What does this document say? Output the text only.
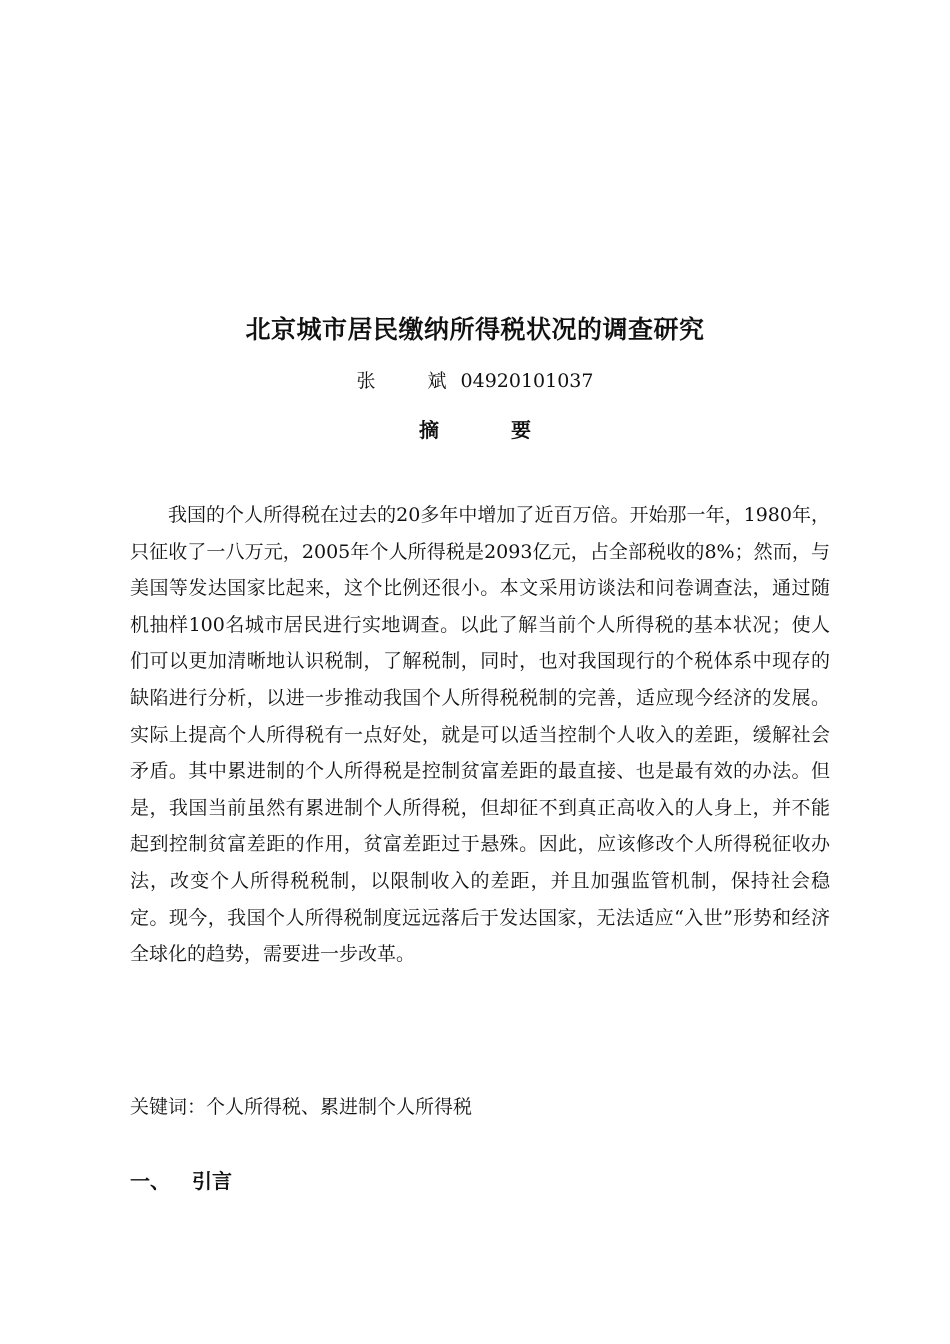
北京城市居民缴纳所得税状况的调查研究
张	斌 04920101037
摘	要

我国的个人所得税在过去的20多年中增加了近百万倍。开始那一年，1980年，只征收了一八万元，2005年个人所得税是2093亿元，占全部税收的8%；然而，与美国等发达国家比起来，这个比例还很小。本文采用访谈法和问卷调查法，通过随机抽样100名城市居民进行实地调查。以此了解当前个人所得税的基本状况；使人们可以更加清晰地认识税制，了解税制，同时，也对我国现行的个税体系中现存的缺陷进行分析，以进一步推动我国个人所得税税制的完善，适应现今经济的发展。实际上提高个人所得税有一点好处，就是可以适当控制个人收入的差距，缓解社会矛盾。其中累进制的个人所得税是控制贫富差距的最直接、也是最有效的办法。但是，我国当前虽然有累进制个人所得税，但却征不到真正高收入的人身上，并不能起到控制贫富差距的作用，贫富差距过于悬殊。因此，应该修改个人所得税征收办法，改变个人所得税税制，以限制收入的差距，并且加强监管机制，保持社会稳定。现今，我国个人所得税制度远远落后于发达国家，无法适应“入世”形势和经济全球化的趋势，需要进一步改革。

关键词：个人所得税、累进制个人所得税
一、 引言
